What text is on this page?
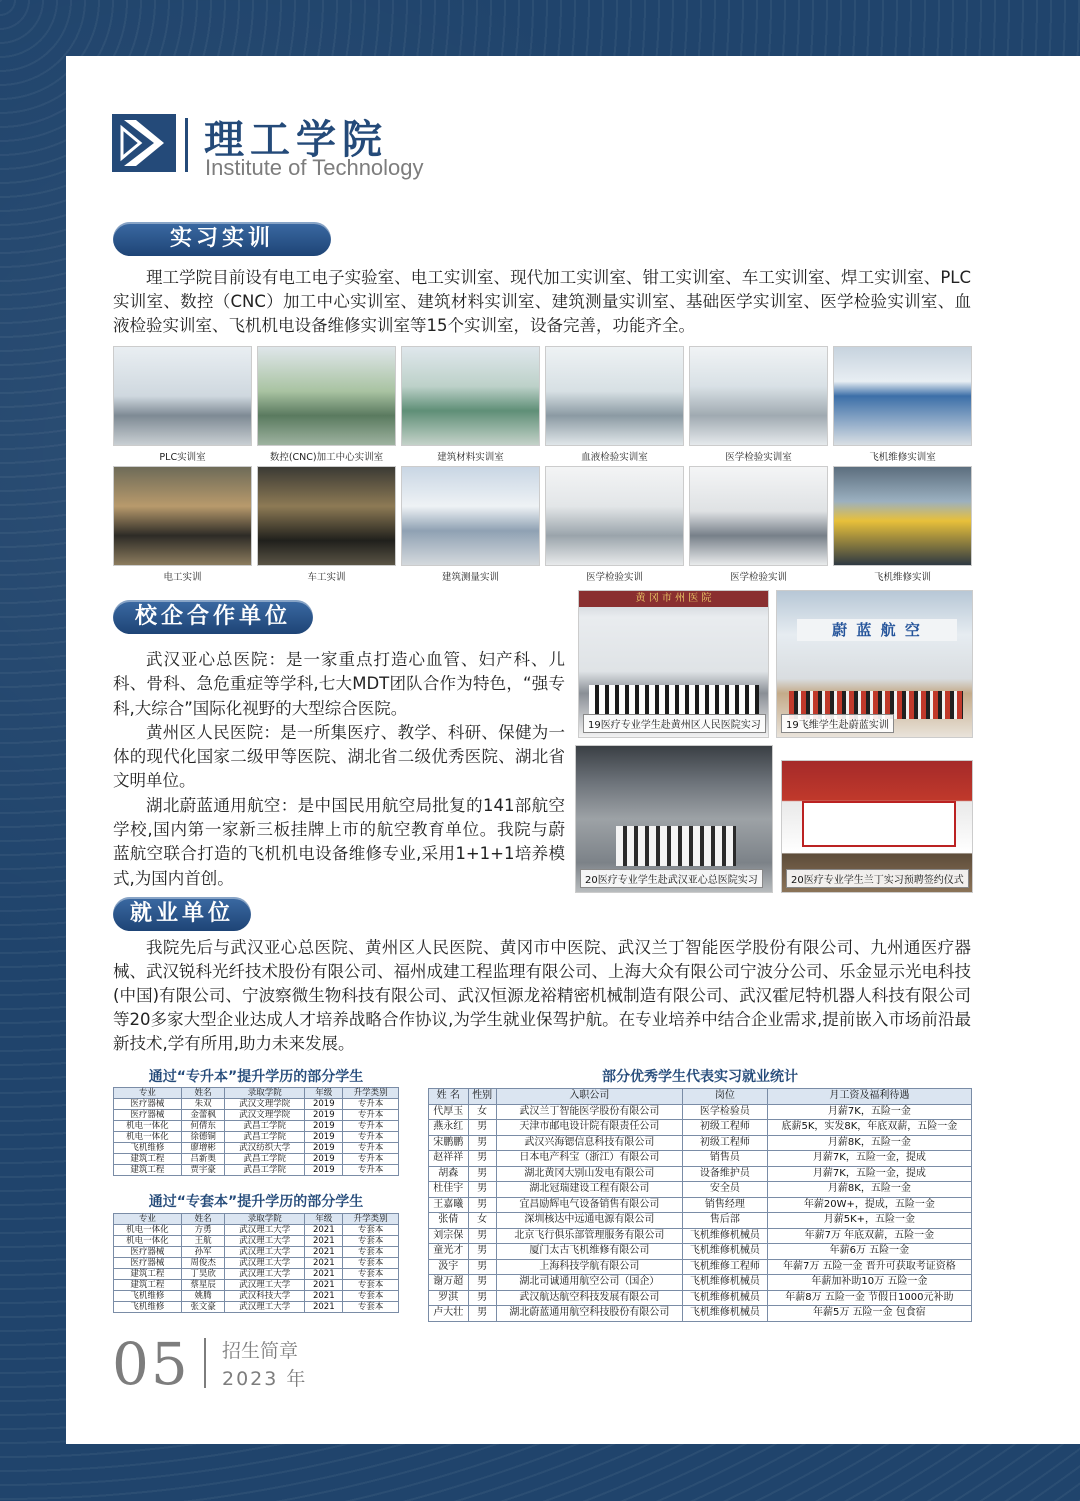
理工学院
Institute of Technology
实习实训

理工学院目前设有电工电子实验室、电工实训室、现代加工实训室、钳工实训室、车工实训室、焊工实训室、PLC实训室、数控（CNC）加工中心实训室、建筑材料实训室、建筑测量实训室、基础医学实训室、医学检验实训室、血液检验实训室、飞机机电设备维修实训室等15个实训室，设备完善，功能齐全。

PLC实训室	数控(CNC)加工中心实训室	建筑材料实训室	血液检验实训室	医学检验实训室	飞机维修实训室
电工实训	车工实训	建筑测量实训	医学检验实训	医学检验实训	飞机维修实训
校企合作单位

武汉亚心总医院：是一家重点打造心血管、妇产科、儿科、骨科、急危重症等学科,七大MDT团队合作为特色，“强专科,大综合”国际化视野的大型综合医院。

黄州区人民医院：是一所集医疗、教学、科研、保健为一体的现代化国家二级甲等医院、湖北省二级优秀医院、湖北省文明单位。

湖北蔚蓝通用航空：是中国民用航空局批复的141部航空学校,国内第一家新三板挂牌上市的航空教育单位。我院与蔚 蓝航空联合打造的飞机机电设备维修专业,采用1+1+1培养模式,为国内首创。

黄 冈 市 州 医 院
19医疗专业学生赴黄州区人民医院实习
蔚 蓝 航 空
19飞维学生赴蔚蓝实训
20医疗专业学生赴武汉亚心总医院实习	20医疗专业学生兰丁实习预聘签约仪式
就业单位

我院先后与武汉亚心总医院、黄州区人民医院、黄冈市中医院、武汉兰丁智能医学股份有限公司、九州通医疗器械、武汉锐科光纤技术股份有限公司、福州成建工程监理有限公司、上海大众有限公司宁波分公司、乐金显示光电科技(中国)有限公司、宁波察微生物科技有限公司、武汉恒源龙裕精密机械制造有限公司、武汉霍尼特机器人科技有限公司等20多家大型企业达成人才培养战略合作协议,为学生就业保驾护航。在专业培养中结合企业需求,提前嵌入市场前沿最新技术,学有所用,助力未来发展。

通过“专升本”提升学历的部分学生
专业	姓名	录取学院	年级	升学类别
医疗器械	朱双	武汉文理学院	2019	专升本
医疗器械	金蕾枫	武汉文理学院	2019	专升本
机电一体化	何倩东	武昌工学院	2019	专升本
机电一体化	徐德铜	武昌工学院	2019	专升本
飞机维修	廖增彬	武汉纺织大学	2019	专升本
建筑工程	吕新奥	武昌工学院	2019	专升本
建筑工程	贾宇豪	武昌工学院	2019	专升本
通过“专套本”提升学历的部分学生
专业	姓名	录取学院	年级	升学类别
机电一体化	方勇	武汉理工大学	2021	专套本
机电一体化	王航	武汉理工大学	2021	专套本
医疗器械	孙军	武汉理工大学	2021	专套本
医疗器械	周俊杰	武汉理工大学	2021	专套本
建筑工程	丁昊欣	武汉理工大学	2021	专套本
建筑工程	蔡星辰	武汉理工大学	2021	专套本
飞机维修	姚腾	武汉科技大学	2021	专套本
飞机维修	张文豪	武汉理工大学	2021	专套本
部分优秀学生代表实习就业统计
姓 名	性别	入职公司	岗位	月工资及福利待遇
代厚玉	女	武汉兰丁智能医学股份有限公司	医学检验员	月薪7K，五险一金
燕永红	男	天津市邮电设计院有限责任公司	初级工程师	底薪5K，实发8K，年底双薪，五险一金
宋鹏鹏	男	武汉兴海锶信息科技有限公司	初级工程师	月薪8K，五险一金
赵祥祥	男	日本电产科宝（浙江）有限公司	销售员	月薪7K，五险一金，提成
胡森	男	湖北黄冈大别山发电有限公司	设备维护员	月薪7K，五险一金，提成
杜佳宇	男	湖北冠瑞建设工程有限公司	安全员	月薪8K，五险一金
王嘉曦	男	宜昌励辉电气设备销售有限公司	销售经理	年薪20W+，提成，五险一金
张倩	女	深圳核达中远通电源有限公司	售后部	月薪5K+，五险一金
刘宗保	男	北京飞行俱乐部管理服务有限公司	飞机维修机械员	年薪7万 年底双薪，五险一金
童光才	男	厦门太古飞机维修有限公司	飞机维修机械员	年薪6万 五险一金
汲宇	男	上海科技学航有限公司	飞机维修工程师	年薪7万 五险一金 晋升可获取考证资格
谢万超	男	湖北司诚通用航空公司（国企）	飞机维修机械员	年薪加补助10万 五险一金
罗淇	男	武汉航达航空科技发展有限公司	飞机维修机械员	年薪8万 五险一金 节假日1000元补助
卢大壮	男	湖北蔚蓝通用航空科技股份有限公司	飞机维修机械员	年薪5万 五险一金 包食宿
05 招生简章
2023 年
